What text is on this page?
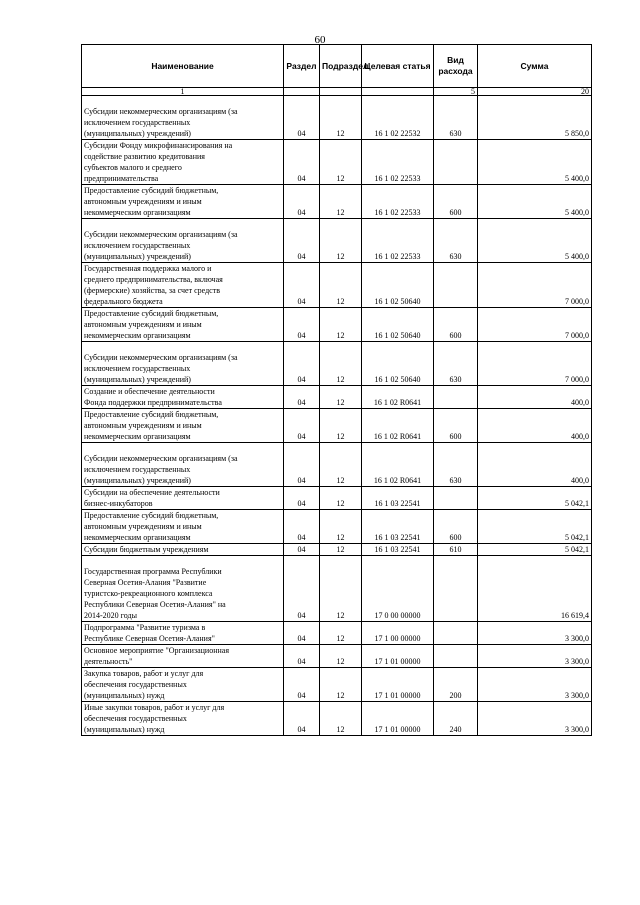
60
Наименование	Раздел	Подраздел	Целевая статья	Вид расхода	Сумма
1				5	20
Субсидии некоммерческим организациям (за
исключением государственных
(муниципальных) учреждений)	04	12	16 1 02 22532	630	5 850,0
Субсидии Фонду микрофинансирования на
содействие развитию кредитования
субъектов малого и среднего
предпринимательства	04	12	16 1 02 22533		5 400,0
Предоставление субсидий бюджетным,
автономным учреждениям и иным
некоммерческим организациям	04	12	16 1 02 22533	600	5 400,0
Субсидии некоммерческим организациям (за
исключением государственных
(муниципальных) учреждений)	04	12	16 1 02 22533	630	5 400,0
Государственная поддержка малого и
среднего предпринимательства, включая
(фермерские) хозяйства, за счет средств
федерального бюджета	04	12	16 1 02 50640		7 000,0
Предоставление субсидий бюджетным,
автономным учреждениям и иным
некоммерческим организациям	04	12	16 1 02 50640	600	7 000,0
Субсидии некоммерческим организациям (за
исключением государственных
(муниципальных) учреждений)	04	12	16 1 02 50640	630	7 000,0
Создание и обеспечение деятельности
Фонда поддержки предпринимательства	04	12	16 1 02 R0641		400,0
Предоставление субсидий бюджетным,
автономным учреждениям и иным
некоммерческим организациям	04	12	16 1 02 R0641	600	400,0
Субсидии некоммерческим организациям (за
исключением государственных
(муниципальных) учреждений)	04	12	16 1 02 R0641	630	400,0
Субсидии на обеспечение деятельности
бизнес-инкубаторов	04	12	16 1 03 22541		5 042,1
Предоставление субсидий бюджетным,
автономным учреждениям и иным
некоммерческим организациям	04	12	16 1 03 22541	600	5 042,1
Субсидии бюджетным учреждениям	04	12	16 1 03 22541	610	5 042,1
Государственная программа Республики
Северная Осетия-Алания "Развитие
туристско-рекреационного комплекса
Республики Северная Осетия-Алания" на
2014-2020 годы	04	12	17 0 00 00000		16 619,4
Подпрограмма "Развитие туризма в
Республике Северная Осетия-Алания"	04	12	17 1 00 00000		3 300,0
Основное мероприятие "Организационная
деятельность"	04	12	17 1 01 00000		3 300,0
Закупка товаров, работ и услуг для
обеспечения государственных
(муниципальных) нужд	04	12	17 1 01 00000	200	3 300,0
Иные закупки товаров, работ и услуг для
обеспечения государственных
(муниципальных) нужд	04	12	17 1 01 00000	240	3 300,0
